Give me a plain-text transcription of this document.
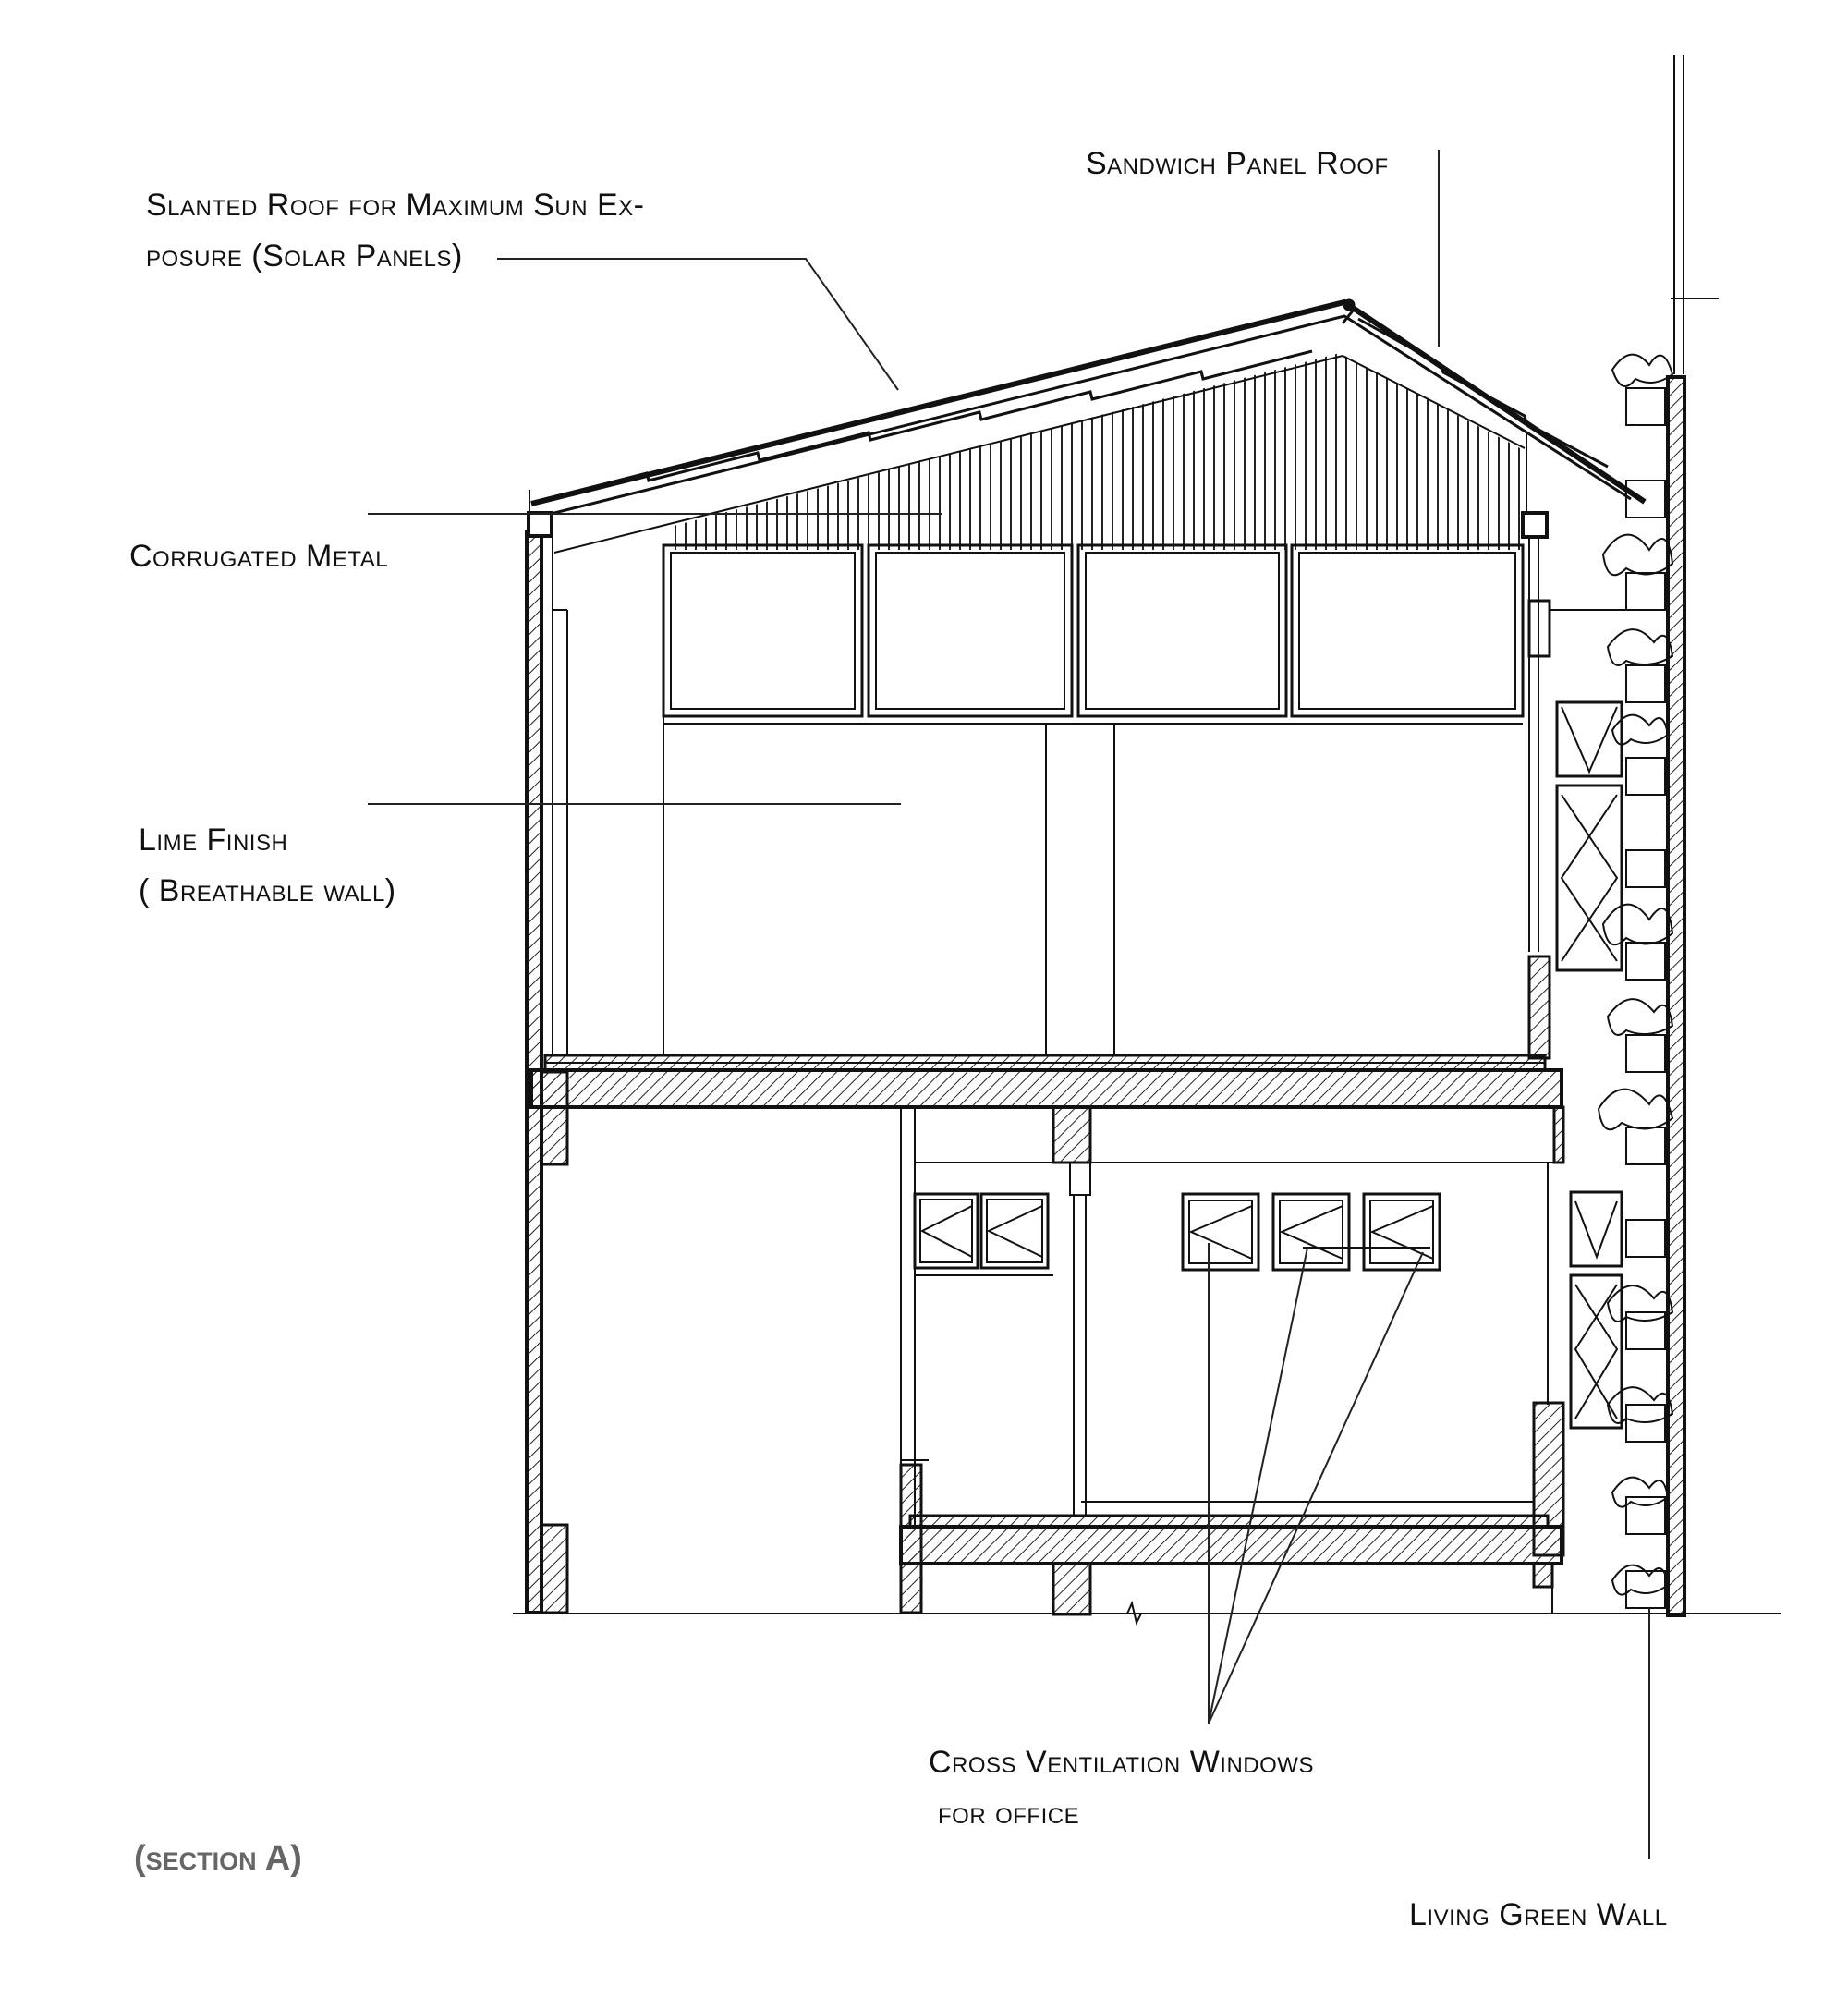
Slanted Roof for Maximum Sun Ex-
posure (Solar Panels)
Sandwich Panel Roof
Corrugated Metal
Lime Finish
( Breathable wall)
Cross Ventilation Windows
for office
Living Green Wall
(section A)
